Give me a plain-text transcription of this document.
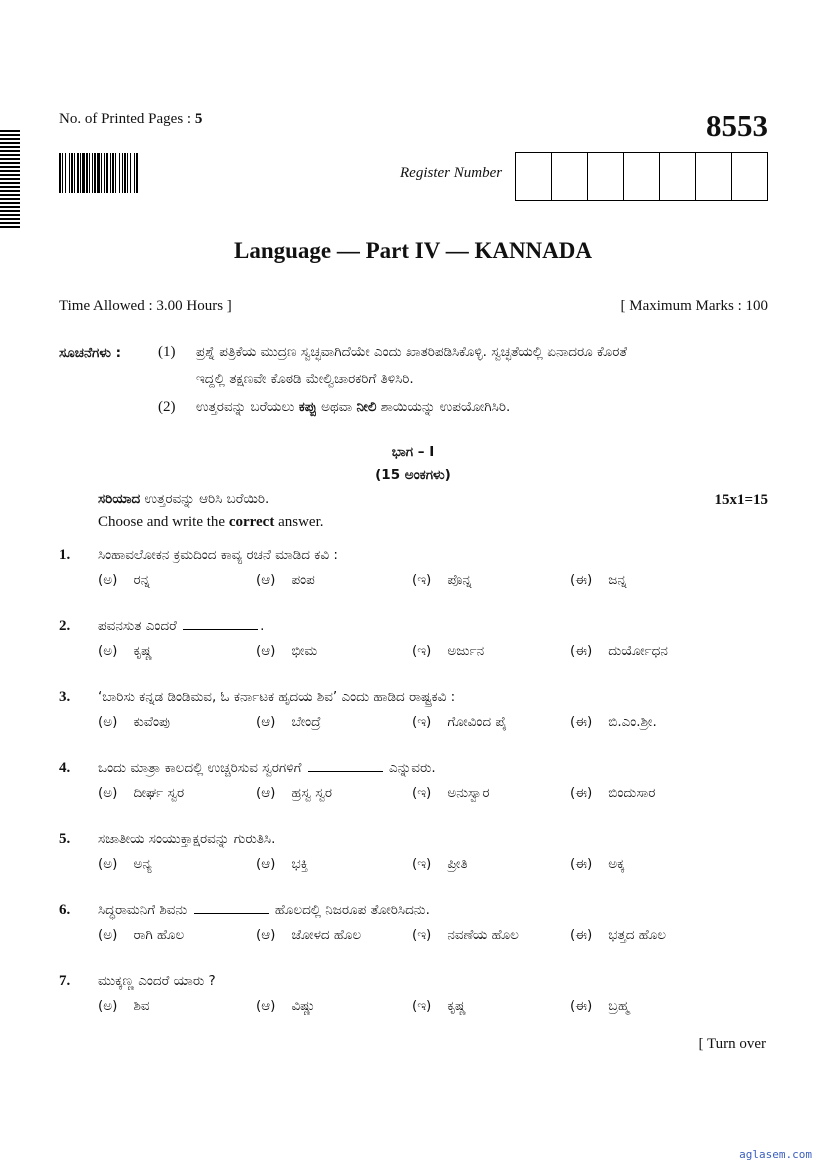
No. of Printed Pages : 5	8553
Register Number
Language — Part IV — KANNADA
Time Allowed : 3.00 Hours ]	[ Maximum Marks : 100
ಸೂಚನೆಗಳು : (1) ಪ್ರಶ್ನೆ ಪತ್ರಿಕೆಯ ಮುದ್ರಣ ಸ್ವಚ್ಛವಾಗಿದೆಯೇ ಎಂದು ಖಾತರಿಪಡಿಸಿಕೊಳ್ಳಿ. ಸ್ವಚ್ಛತೆಯಲ್ಲಿ ಏನಾದರೂ ಕೊರತೆ
ಇದ್ದಲ್ಲಿ ತಕ್ಷಣವೇ ಕೊಠಡಿ ಮೇಲ್ವಿಚಾರಕರಿಗೆ ತಿಳಿಸಿರಿ.
(2) ಉತ್ತರವನ್ನು ಬರೆಯಲು ಕಪ್ಪು ಅಥವಾ ನೀಲಿ ಶಾಯಿಯನ್ನು ಉಪಯೋಗಿಸಿರಿ.
ಭಾಗ – I
(15 ಅಂಕಗಳು)
ಸರಿಯಾದ ಉತ್ತರವನ್ನು ಆರಿಸಿ ಬರೆಯಿರಿ.
Choose and write the correct answer.
15x1=15
1. ಸಿಂಹಾವಲೋಕನ ಕ್ರಮದಿಂದ ಕಾವ್ಯ ರಚನೆ ಮಾಡಿದ ಕವಿ :
(ಅ) ರನ್ನ	(ಆ) ಪಂಪ	(ಇ) ಪೊನ್ನ	(ಈ) ಜನ್ನ
2. ಪವನಸುತ ಎಂದರೆ	.
(ಅ) ಕೃಷ್ಣ	(ಆ) ಭೀಮ	(ಇ) ಅರ್ಜುನ	(ಈ) ದುರ್ಯೋಧನ
3. ‘ಬಾರಿಸು ಕನ್ನಡ ಡಿಂಡಿಮವ, ಓ ಕರ್ನಾಟಕ ಹೃದಯ ಶಿವ’ ಎಂದು ಹಾಡಿದ ರಾಷ್ಟ್ರಕವಿ :
(ಅ) ಕುವೆಂಪು	(ಆ) ಬೇಂದ್ರೆ	(ಇ) ಗೋವಿಂದ ಪೈ	(ಈ) ಬಿ.ಎಂ.ಶ್ರೀ.
4. ಒಂದು ಮಾತ್ರಾ ಕಾಲದಲ್ಲಿ ಉಚ್ಚರಿಸುವ ಸ್ವರಗಳಿಗೆ	ಎನ್ನುವರು.
(ಅ) ದೀರ್ಘ ಸ್ವರ	(ಆ) ಹ್ರಸ್ವ ಸ್ವರ	(ಇ) ಅನುಸ್ವಾರ	(ಈ) ಬಿಂದುಸಾರ
5. ಸಜಾತೀಯ ಸಂಯುಕ್ತಾಕ್ಷರವನ್ನು ಗುರುತಿಸಿ.
(ಅ) ಅನ್ಯ	(ಆ) ಭಕ್ತಿ	(ಇ) ಪ್ರೀತಿ	(ಈ) ಅಕ್ಕ
6. ಸಿದ್ಧರಾಮನಿಗೆ ಶಿವನು	ಹೊಲದಲ್ಲಿ ನಿಜರೂಪ ತೋರಿಸಿದನು.
(ಅ) ರಾಗಿ ಹೊಲ	(ಆ) ಜೋಳದ ಹೊಲ	(ಇ) ನವಣೆಯ ಹೊಲ	(ಈ) ಭತ್ತದ ಹೊಲ
7. ಮುಕ್ಕಣ್ಣ ಎಂದರೆ ಯಾರು ?
(ಅ) ಶಿವ	(ಆ) ವಿಷ್ಣು	(ಇ) ಕೃಷ್ಣ	(ಈ) ಬ್ರಹ್ಮ
[ Turn over
aglasem.com
